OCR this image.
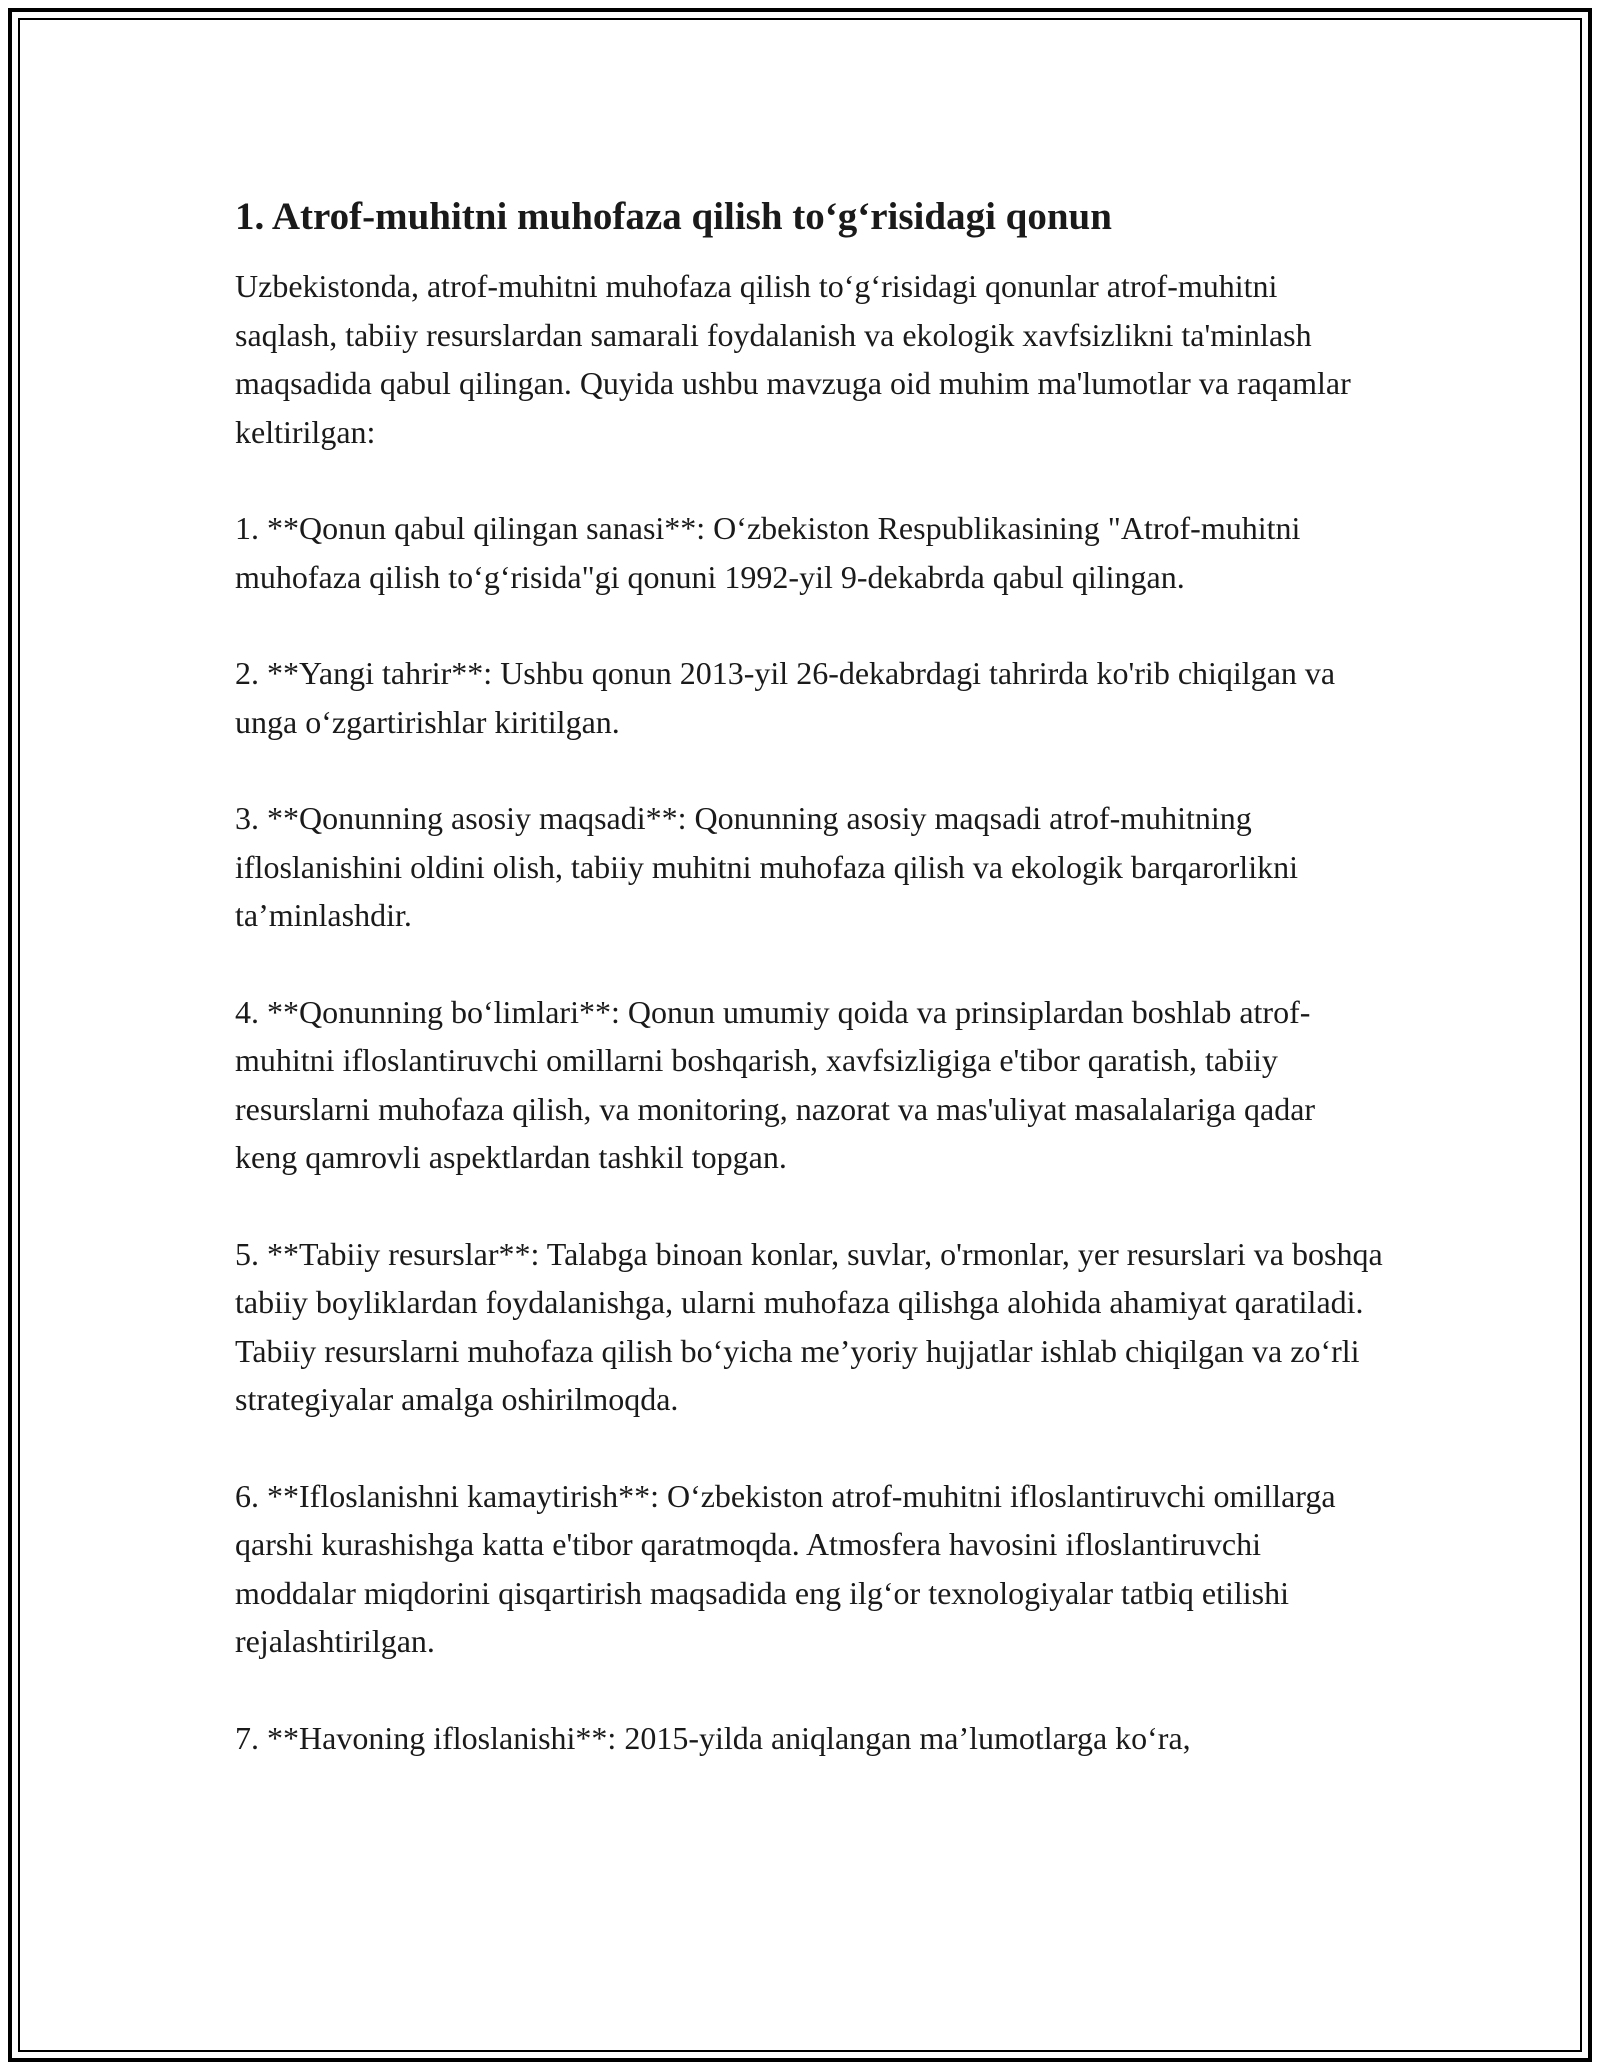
1. Atrof-muhitni muhofaza qilish to‘g‘risidagi qonun

Uzbekistonda, atrof-muhitni muhofaza qilish to‘g‘risidagi qonunlar atrof-muhitni saqlash, tabiiy resurslardan samarali foydalanish va ekologik xavfsizlikni ta'minlash maqsadida qabul qilingan. Quyida ushbu mavzuga oid muhim ma'lumotlar va raqamlar keltirilgan:

1. **Qonun qabul qilingan sanasi**: O‘zbekiston Respublikasining "Atrof-muhitni muhofaza qilish to‘g‘risida"gi qonuni 1992-yil 9-dekabrda qabul qilingan.

2. **Yangi tahrir**: Ushbu qonun 2013-yil 26-dekabrdagi tahrirda ko'rib chiqilgan va unga o‘zgartirishlar kiritilgan.

3. **Qonunning asosiy maqsadi**: Qonunning asosiy maqsadi atrof-muhitning ifloslanishini oldini olish, tabiiy muhitni muhofaza qilish va ekologik barqarorlikni ta’minlashdir.

4. **Qonunning bo‘limlari**: Qonun umumiy qoida va prinsiplardan boshlab atrof-muhitni ifloslantiruvchi omillarni boshqarish, xavfsizligiga e'tibor qaratish, tabiiy resurslarni muhofaza qilish, va monitoring, nazorat va mas'uliyat masalalariga qadar keng qamrovli aspektlardan tashkil topgan.

5. **Tabiiy resurslar**: Talabga binoan konlar, suvlar, o'rmonlar, yer resurslari va boshqa tabiiy boyliklardan foydalanishga, ularni muhofaza qilishga alohida ahamiyat qaratiladi. Tabiiy resurslarni muhofaza qilish bo‘yicha me’yoriy hujjatlar ishlab chiqilgan va zo‘rli strategiyalar amalga oshirilmoqda.

6. **Ifloslanishni kamaytirish**: O‘zbekiston atrof-muhitni ifloslantiruvchi omillarga qarshi kurashishga katta e'tibor qaratmoqda. Atmosfera havosini ifloslantiruvchi moddalar miqdorini qisqartirish maqsadida eng ilg‘or texnologiyalar tatbiq etilishi rejalashtirilgan.

7. **Havoning ifloslanishi**: 2015-yilda aniqlangan ma’lumotlarga ko‘ra,
